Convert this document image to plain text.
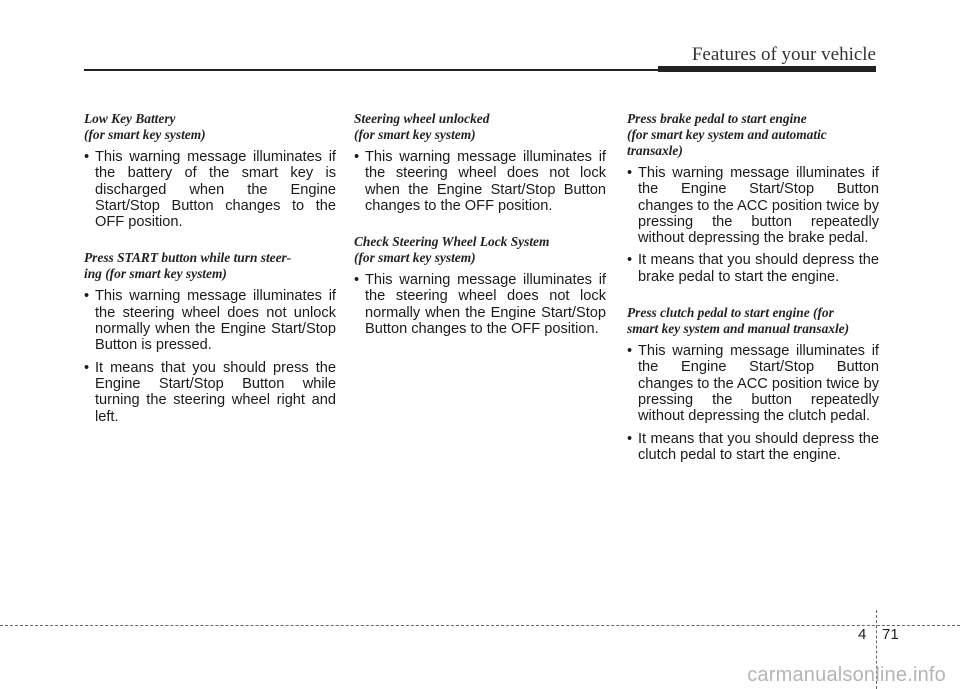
Features of your vehicle
Low Key Battery
(for smart key system)
• This warning message illuminates if the battery of the smart key is discharged when the Engine Start/Stop Button changes to the OFF position.
Press START button while turn steer-
ing (for smart key system)
• This warning message illuminates if the steering wheel does not unlock normally when the Engine Start/Stop Button is pressed.
• It means that you should press the Engine Start/Stop Button while turning the steering wheel right and left.
Steering wheel unlocked
(for smart key system)
• This warning message illuminates if the steering wheel does not lock when the Engine Start/Stop Button changes to the OFF position.
Check Steering Wheel Lock System
(for smart key system)
• This warning message illuminates if the steering wheel does not lock normally when the Engine Start/Stop Button changes to the OFF position.
Press brake pedal to start engine
(for smart key system and automatic
transaxle)
• This warning message illuminates if the Engine Start/Stop Button changes to the ACC position twice by pressing the button repeatedly without depressing the brake pedal.
• It means that you should depress the brake pedal to start the engine.
Press clutch pedal to start engine (for
smart key system and manual transaxle)
• This warning message illuminates if the Engine Start/Stop Button changes to the ACC position twice by pressing the button repeatedly without depressing the clutch pedal.
• It means that you should depress the clutch pedal to start the engine.
4 71
carmanualsonline.info
